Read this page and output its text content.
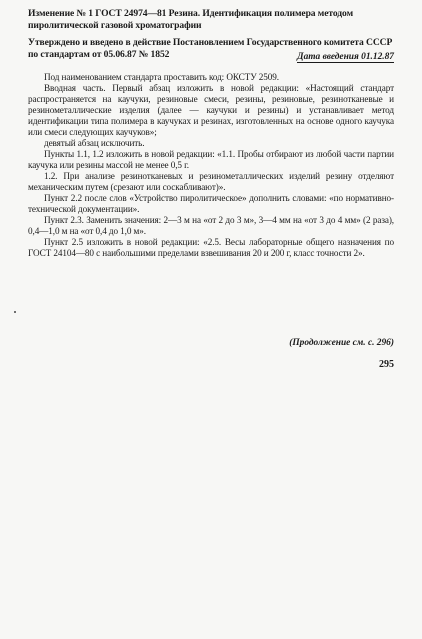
Изменение № 1 ГОСТ 24974—81 Резина. Идентификация полимера методом пиролитической газовой хроматографии

Утверждено и введено в действие Постановлением Государственного комитета СССР по стандартам от 05.06.87 № 1852	Дата введения 01.12.87

Под наименованием стандарта проставить код: ОКСТУ 2509.

Вводная часть. Первый абзац изложить в новой редакции: «Настоящий стандарт распространяется на каучуки, резиновые смеси, резины, резиновые, резинотканевые и резинометаллические изделия (далее — каучуки и резины) и устанавливает метод идентификации типа полимера в каучуках и резинах, изготовленных на основе одного каучука или смеси следующих каучуков»;

девятый абзац исключить.

Пункты 1.1, 1.2 изложить в новой редакции: «1.1. Пробы отбирают из любой части партии каучука или резины массой не менее 0,5 г.

1.2. При анализе резинотканевых и резинометаллических изделий резину отделяют механическим путем (срезают или соскабливают)».

Пункт 2.2 после слов «Устройство пиролитическое» дополнить словами: «по нормативно-технической документации».

Пункт 2.3. Заменить значения: 2—3 м на «от 2 до 3 м», 3—4 мм на «от 3 до 4 мм» (2 раза), 0,4—1,0 м на «от 0,4 до 1,0 м».

Пункт 2.5 изложить в новой редакции: «2.5. Весы лабораторные общего назначения по ГОСТ 24104—80 с наибольшими пределами взвешивания 20 и 200 г, класс точности 2».

(Продолжение см. с. 296)
295
